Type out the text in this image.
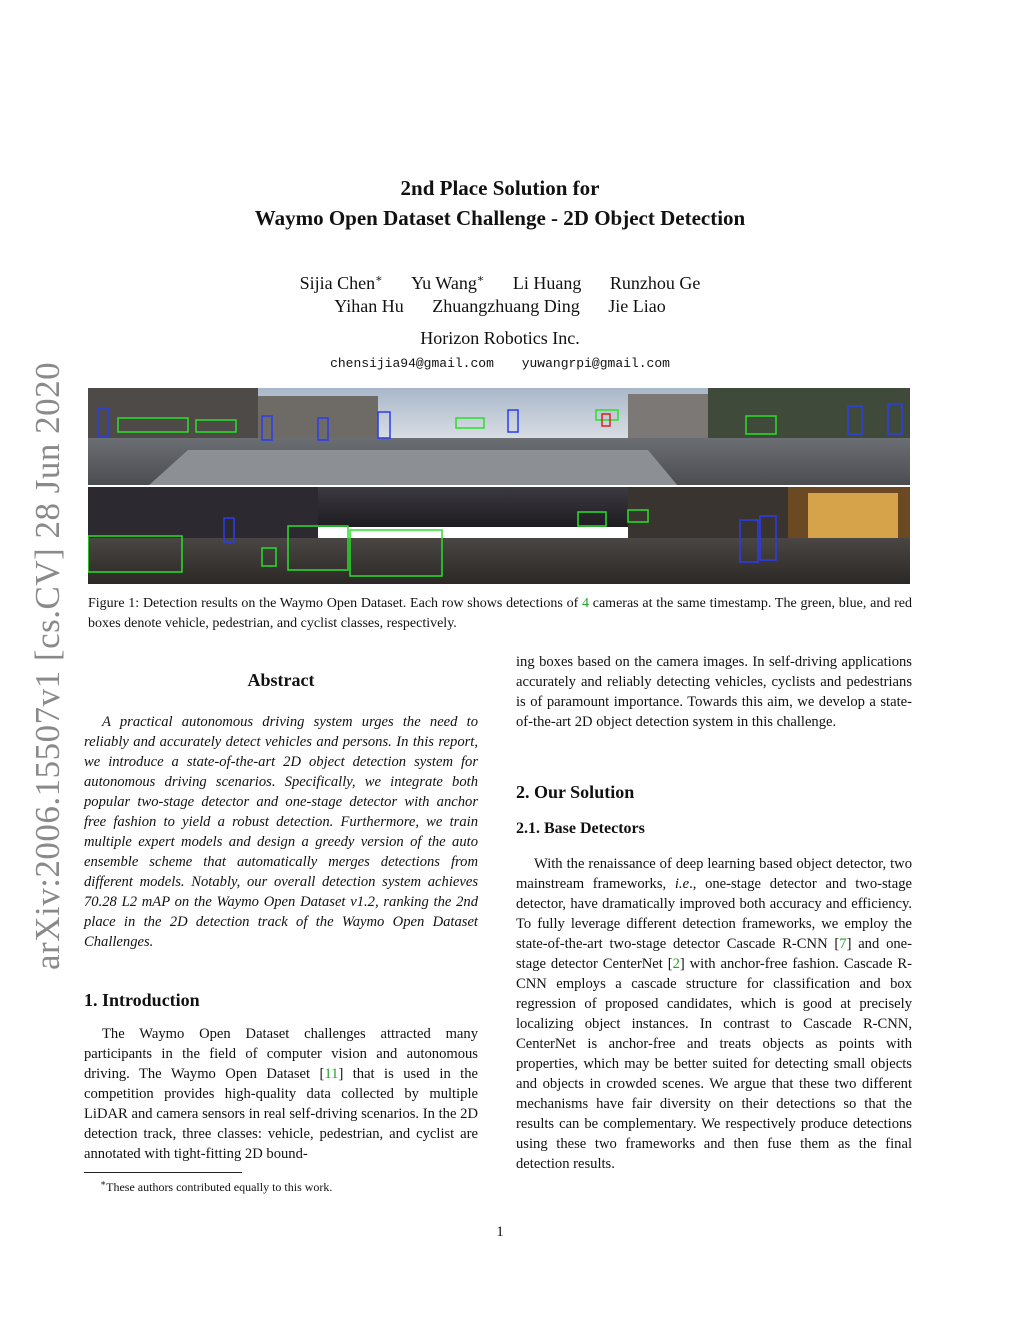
arXiv:2006.15507v1 [cs.CV] 28 Jun 2020
2nd Place Solution for
Waymo Open Dataset Challenge - 2D Object Detection
Sijia Chen∗ Yu Wang∗ Li Huang Runzhou Ge
Yihan Hu Zhuangzhuang Ding Jie Liao
Horizon Robotics Inc.
chensijia94@gmail.com yuwangrpi@gmail.com
Figure 1: Detection results on the Waymo Open Dataset. Each row shows detections of 4 cameras at the same timestamp. The green, blue, and red boxes denote vehicle, pedestrian, and cyclist classes, respectively.
Abstract
A practical autonomous driving system urges the need to reliably and accurately detect vehicles and persons. In this report, we introduce a state-of-the-art 2D object detection system for autonomous driving scenarios. Specifically, we integrate both popular two-stage detector and one-stage detector with anchor free fashion to yield a robust detection. Furthermore, we train multiple expert models and design a greedy version of the auto ensemble scheme that automatically merges detections from different models. Notably, our overall detection system achieves 70.28 L2 mAP on the Waymo Open Dataset v1.2, ranking the 2nd place in the 2D detection track of the Waymo Open Dataset Challenges.
1. Introduction
The Waymo Open Dataset challenges attracted many participants in the field of computer vision and autonomous driving. The Waymo Open Dataset [11] that is used in the competition provides high-quality data collected by multiple LiDAR and camera sensors in real self-driving scenarios. In the 2D detection track, three classes: vehicle, pedestrian, and cyclist are annotated with tight-fitting 2D bound-
∗These authors contributed equally to this work.
ing boxes based on the camera images. In self-driving applications accurately and reliably detecting vehicles, cyclists and pedestrians is of paramount importance. Towards this aim, we develop a state-of-the-art 2D object detection system in this challenge.
2. Our Solution
2.1. Base Detectors
With the renaissance of deep learning based object detector, two mainstream frameworks, i.e., one-stage detector and two-stage detector, have dramatically improved both accuracy and efficiency. To fully leverage different detection frameworks, we employ the state-of-the-art two-stage detector Cascade R-CNN [7] and one-stage detector CenterNet [2] with anchor-free fashion. Cascade R-CNN employs a cascade structure for classification and box regression of proposed candidates, which is good at precisely localizing object instances. In contrast to Cascade R-CNN, CenterNet is anchor-free and treats objects as points with properties, which may be better suited for detecting small objects and objects in crowded scenes. We argue that these two different mechanisms have fair diversity on their detections so that the results can be complementary. We respectively produce detections using these two frameworks and then fuse them as the final detection results.
1
